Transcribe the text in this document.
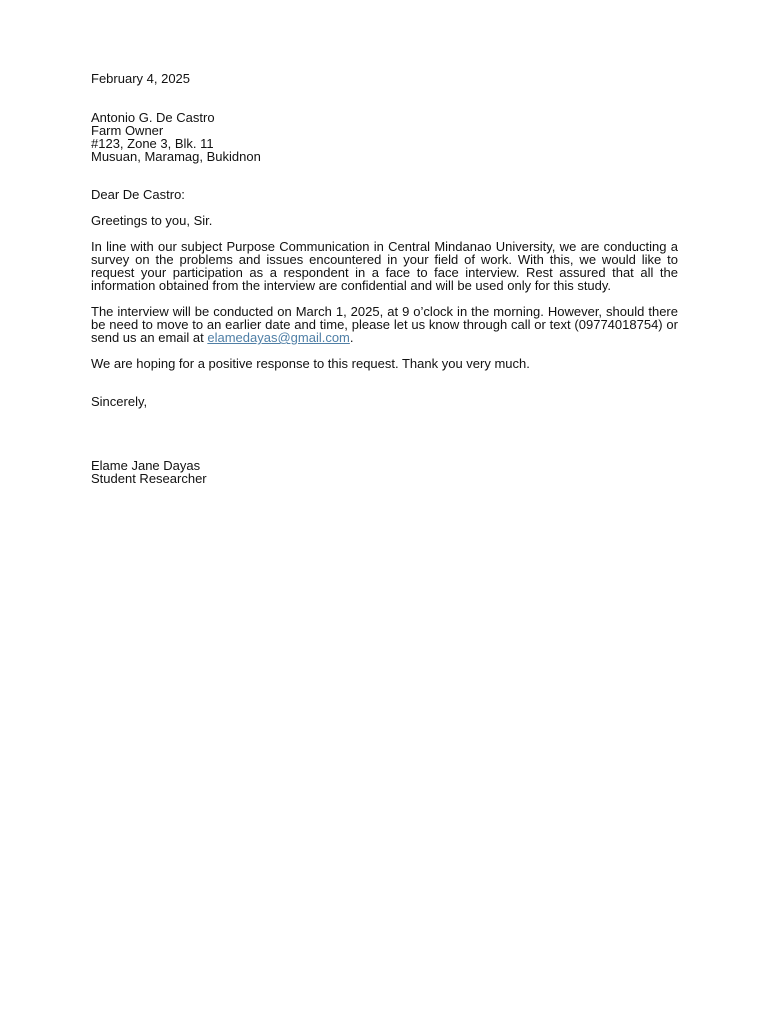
February 4, 2025
Antonio G. De Castro
Farm Owner
#123, Zone 3, Blk. 11
Musuan, Maramag, Bukidnon
Dear De Castro:
Greetings to you, Sir.

In line with our subject Purpose Communication in Central Mindanao University, we are conducting a survey on the problems and issues encountered in your field of work. With this, we would like to request your participation as a respondent in a face to face interview. Rest assured that all the information obtained from the interview are confidential and will be used only for this study.

The interview will be conducted on March 1, 2025, at 9 o’clock in the morning. However, should there be need to move to an earlier date and time, please let us know through call or text (09774018754) or send us an email at elamedayas@gmail.com.

We are hoping for a positive response to this request. Thank you very much.
Sincerely,
Elame Jane Dayas
Student Researcher
